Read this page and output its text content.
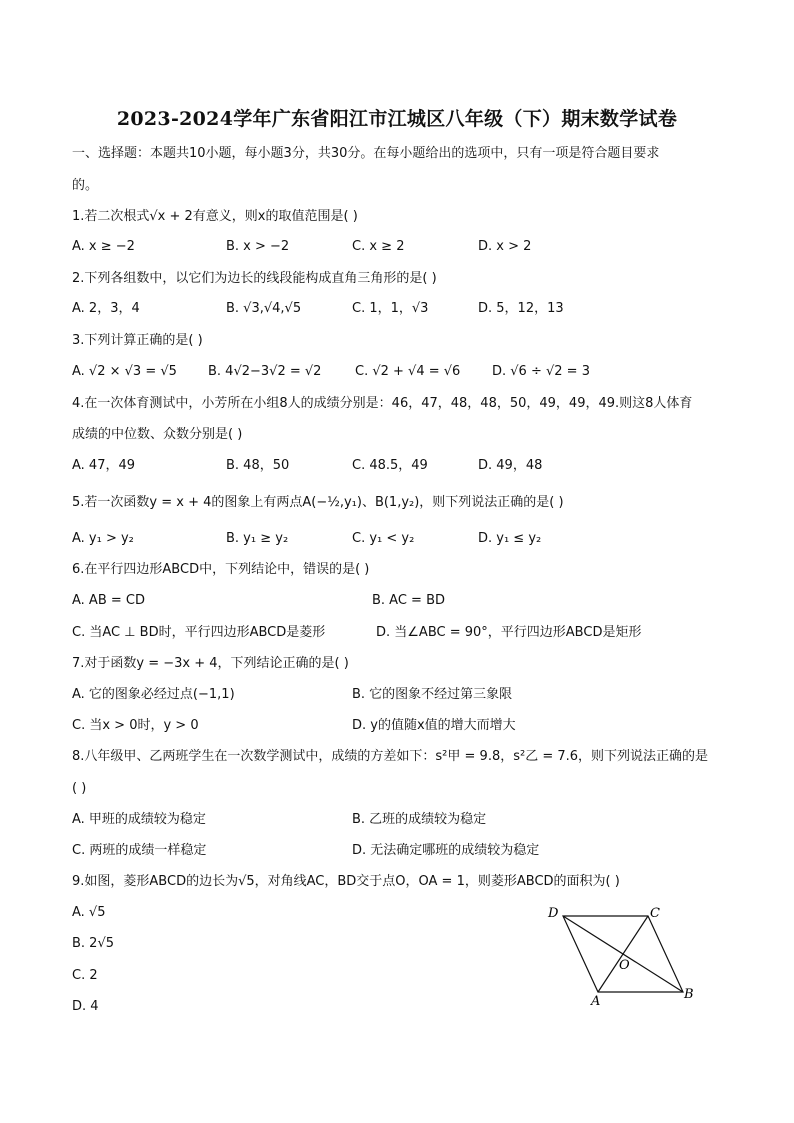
2023-2024学年广东省阳江市江城区八年级（下）期末数学试卷
一、选择题：本题共10小题，每小题3分，共30分。在每小题给出的选项中，只有一项是符合题目要求
的。
1.若二次根式√x + 2有意义，则x的取值范围是( )
A. x ≥ −2	B. x > −2	C. x ≥ 2	D. x > 2
2.下列各组数中，以它们为边长的线段能构成直角三角形的是( )
A. 2，3，4	B. √3,√4,√5	C. 1，1，√3	D. 5，12，13
3.下列计算正确的是( )
A. √2 × √3 = √5 B. 4√2−3√2 = √2	C. √2 + √4 = √6 D. √6 ÷ √2 = 3
4.在一次体育测试中，小芳所在小组8人的成绩分别是：46，47，48，48，50，49，49，49.则这8人体育
成绩的中位数、众数分别是( )
A. 47，49	B. 48，50	C. 48.5，49	D. 49，48
5.若一次函数y = x + 4的图象上有两点A(−½,y₁)、B(1,y₂)，则下列说法正确的是( )
A. y₁ > y₂	B. y₁ ≥ y₂	C. y₁ < y₂	D. y₁ ≤ y₂
6.在平行四边形ABCD中，下列结论中，错误的是( )
A. AB = CD	B. AC = BD
C. 当AC ⊥ BD时，平行四边形ABCD是菱形	D. 当∠ABC = 90°，平行四边形ABCD是矩形
7.对于函数y = −3x + 4，下列结论正确的是( )
A. 它的图象必经过点(−1,1)	B. 它的图象不经过第三象限
C. 当x > 0时，y > 0	D. y的值随x值的增大而增大
8.八年级甲、乙两班学生在一次数学测试中，成绩的方差如下：s²甲 = 9.8，s²乙 = 7.6，则下列说法正确的是
( )
A. 甲班的成绩较为稳定	B. 乙班的成绩较为稳定
C. 两班的成绩一样稳定	D. 无法确定哪班的成绩较为稳定
9.如图，菱形ABCD的边长为√5，对角线AC，BD交于点O，OA = 1，则菱形ABCD的面积为( )
A. √5
B. 2√5
C. 2
D. 4
D	C
O
A	B
